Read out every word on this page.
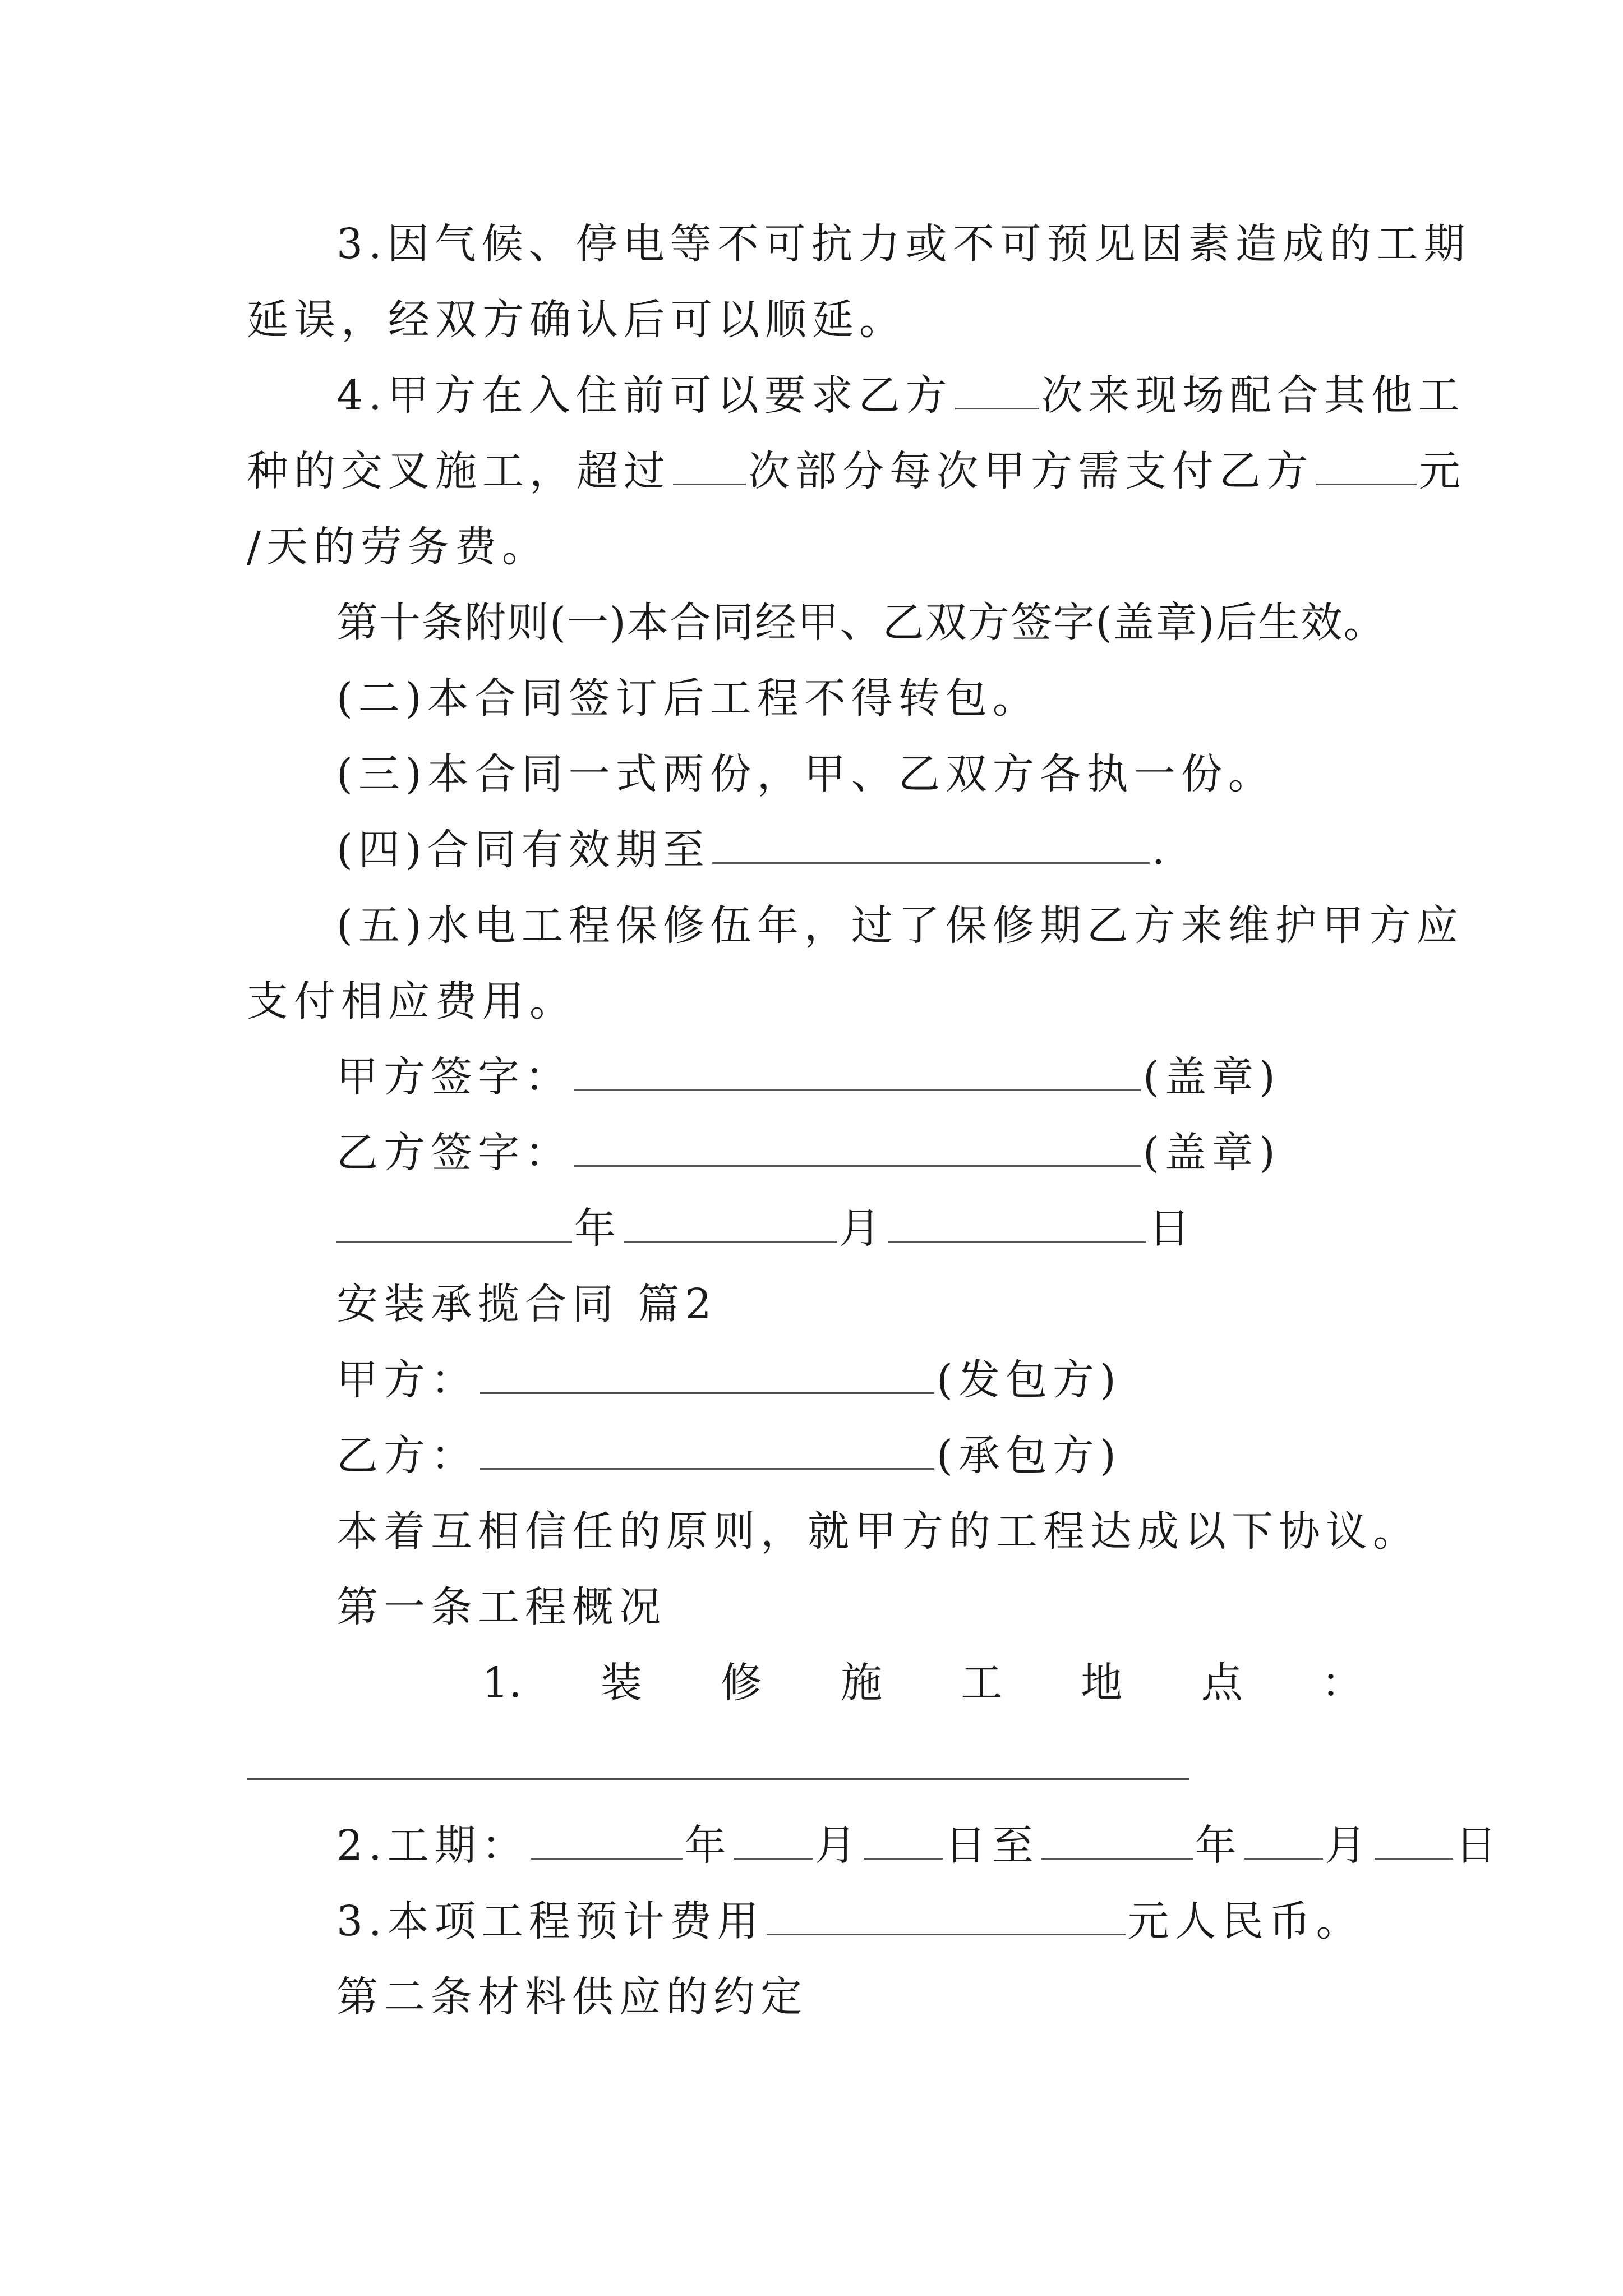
3.因气候、停电等不可抗力或不可预见因素造成的工期
延误，经双方确认后可以顺延。
4.甲方在入住前可以要求乙方 次来现场配合其他工
种的交叉施工，超过 次部分每次甲方需支付乙方	元
/天的劳务费。
第十条附则(一)本合同经甲、乙双方签字(盖章)后生效。
(二)本合同签订后工程不得转包。
(三)本合同一式两份，甲、乙双方各执一份。
(四)合同有效期至	.
(五)水电工程保修伍年，过了保修期乙方来维护甲方应
支付相应费用。
甲方签字：	(盖章)
乙方签字：	(盖章)
年	月	日
安装承揽合同 篇2
甲方：	(发包方)
乙方：	(承包方)
本着互相信任的原则，就甲方的工程达成以下协议。
第一条工程概况
1. 装 修 施 工 地 点 ：
2.工期：	年 月 日至	年 月 日
3.本项工程预计费用	元人民币。
第二条材料供应的约定
